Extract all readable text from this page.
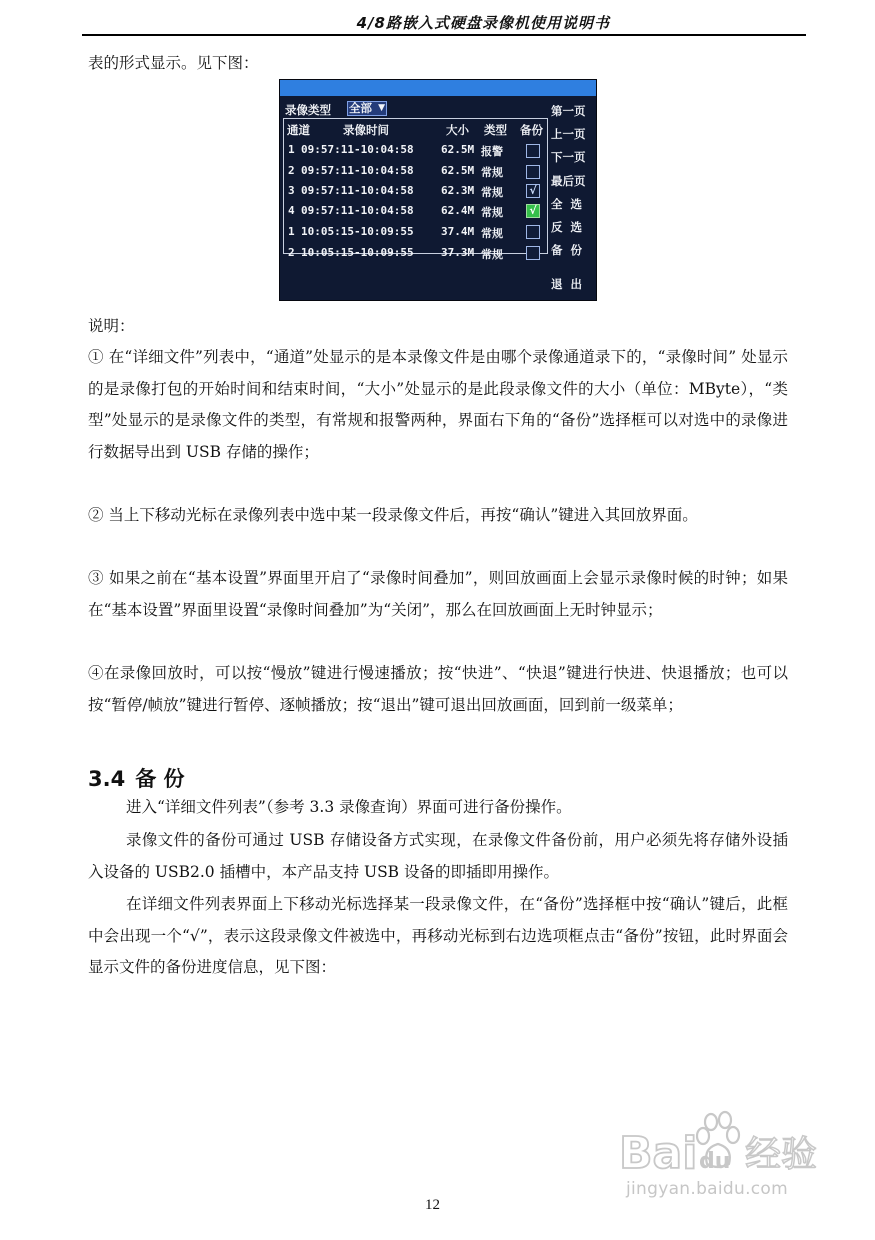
4/8路嵌入式硬盘录像机使用说明书

表的形式显示。见下图：

录像类型 全部 ▼
通道	录像时间	大小 类型 备份
1 09:57:11-10:04:58 62.5M 报警
2 09:57:11-10:04:58 62.5M 常规
3 09:57:11-10:04:58 62.3M 常规	√
4 09:57:11-10:04:58 62.4M 常规	√
1 10:05:15-10:09:55 37.4M 常规
2 10:05:15-10:09:55 37.3M 常规
第一页
上一页
下一页
最后页
全  选
反  选
备  份
退  出

说明：

① 在“详细文件”列表中，“通道”处显示的是本录像文件是由哪个录像通道录下的，“录像时间” 处显示的是录像打包的开始时间和结束时间，“大小”处显示的是此段录像文件的大小（单位：MByte），“类型”处显示的是录像文件的类型，有常规和报警两种，界面右下角的“备份”选择框可以对选中的录像进行数据导出到 USB 存储的操作；

② 当上下移动光标在录像列表中选中某一段录像文件后，再按“确认”键进入其回放界面。

③ 如果之前在“基本设置”界面里开启了“录像时间叠加”，则回放画面上会显示录像时候的时钟；如果在“基本设置”界面里设置“录像时间叠加”为“关闭”，那么在回放画面上无时钟显示；

④在录像回放时，可以按“慢放”键进行慢速播放；按“快进”、“快退”键进行快进、快退播放；也可以按“暂停/帧放”键进行暂停、逐帧播放；按“退出”键可退出回放画面，回到前一级菜单；

3.4 备 份

进入“详细文件列表”（参考 3.3 录像查询）界面可进行备份操作。

录像文件的备份可通过 USB 存储设备方式实现，在录像文件备份前，用户必须先将存储外设插入设备的 USB2.0 插槽中，本产品支持 USB 设备的即插即用操作。

在详细文件列表界面上下移动光标选择某一段录像文件，在“备份”选择框中按“确认”键后，此框中会出现一个“√”，表示这段录像文件被选中，再移动光标到右边选项框点击“备份”按钮，此时界面会显示文件的备份进度信息，见下图：

12
Bai du 经验
jingyan.baidu.com
